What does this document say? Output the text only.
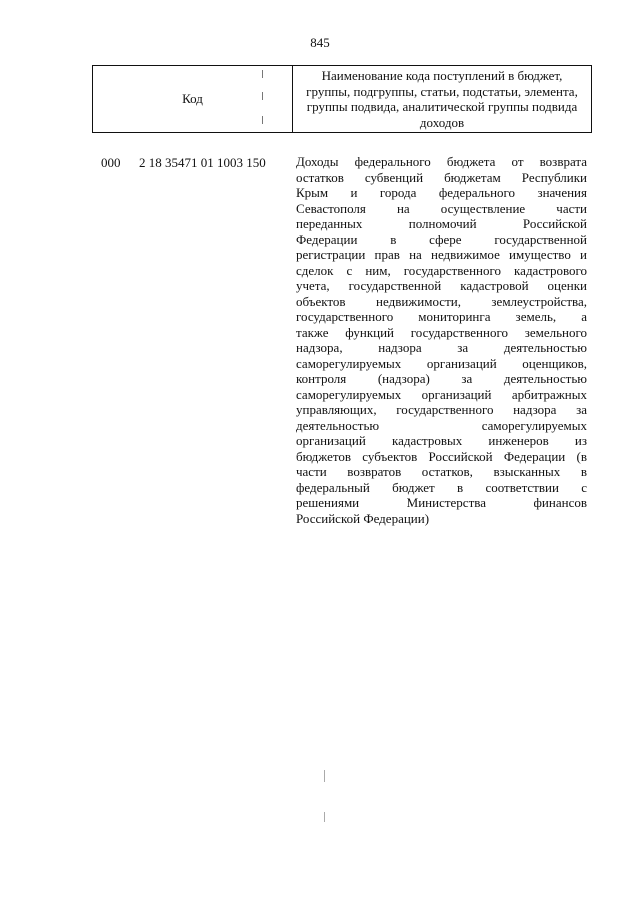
845
Код
Наименование кода поступлений в бюджет, группы, подгруппы, статьи, подстатьи, элемента, группы подвида, аналитической группы подвида доходов
000 2 18 35471 01 1003 150 Доходы федерального бюджета от возврата
остатков субвенций бюджетам Республики
Крым и города федерального значения
Севастополя на осуществление части
переданных полномочий Российской
Федерации в сфере государственной
регистрации прав на недвижимое имущество и
сделок с ним, государственного кадастрового
учета, государственной кадастровой оценки
объектов недвижимости, землеустройства,
государственного мониторинга земель, а
также функций государственного земельного
надзора, надзора за деятельностью
саморегулируемых организаций оценщиков,
контроля (надзора) за деятельностью
саморегулируемых организаций арбитражных
управляющих, государственного надзора за
деятельностью саморегулируемых
организаций кадастровых инженеров из
бюджетов субъектов Российской Федерации (в
части возвратов остатков, взысканных в
федеральный бюджет в соответствии с
решениями Министерства финансов
Российской Федерации)
